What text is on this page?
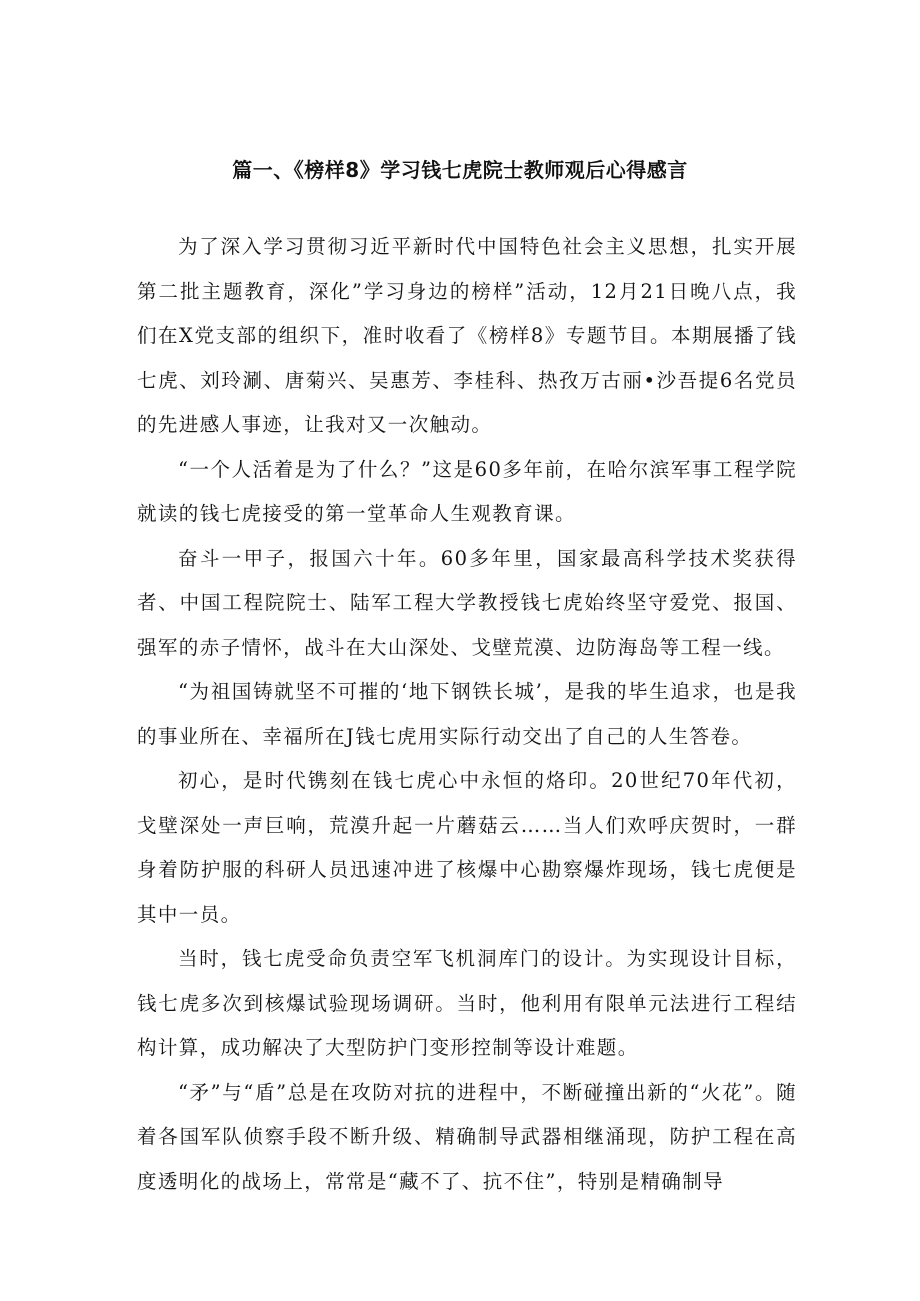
篇一、《榜样8》学习钱七虎院士教师观后心得感言

为了深入学习贯彻习近平新时代中国特色社会主义思想，扎实开展第二批主题教育，深化”学习身边的榜样”活动，12月21日晚八点，我们在X党支部的组织下，准时收看了《榜样8》专题节目。本期展播了钱七虎、刘玲涮、唐菊兴、吴惠芳、李桂科、热孜万古丽•沙吾提6名党员的先进感人事迹，让我对又一次触动。

“一个人活着是为了什么？”这是60多年前，在哈尔滨军事工程学院就读的钱七虎接受的第一堂革命人生观教育课。

奋斗一甲子，报国六十年。60多年里，国家最高科学技术奖获得者、中国工程院院士、陆军工程大学教授钱七虎始终坚守爱党、报国、强军的赤子情怀，战斗在大山深处、戈壁荒漠、边防海岛等工程一线。

“为祖国铸就坚不可摧的‘地下钢铁长城’，是我的毕生追求，也是我的事业所在、幸福所在J钱七虎用实际行动交出了自己的人生答卷。

初心，是时代镌刻在钱七虎心中永恒的烙印。20世纪70年代初，戈壁深处一声巨响，荒漠升起一片蘑菇云……当人们欢呼庆贺时，一群身着防护服的科研人员迅速冲进了核爆中心勘察爆炸现场，钱七虎便是其中一员。

当时，钱七虎受命负责空军飞机洞库门的设计。为实现设计目标，钱七虎多次到核爆试验现场调研。当时，他利用有限单元法进行工程结构计算，成功解决了大型防护门变形控制等设计难题。

“矛”与“盾”总是在攻防对抗的进程中，不断碰撞出新的“火花”。随着各国军队侦察手段不断升级、精确制导武器相继涌现，防护工程在高度透明化的战场上，常常是“藏不了、抗不住”，特别是精确制导
